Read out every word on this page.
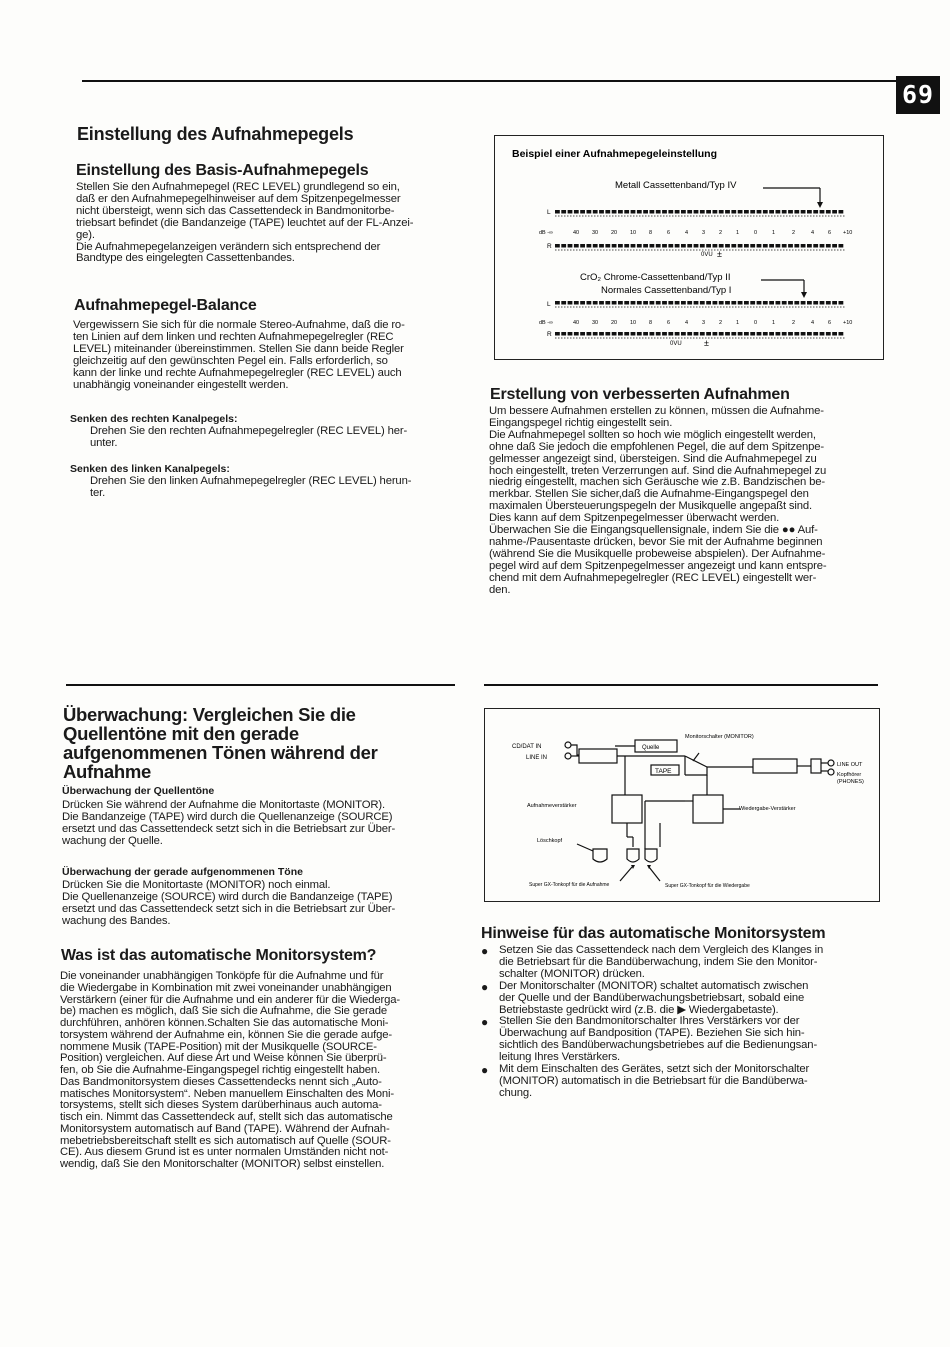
69
Einstellung des Aufnahmepegels
Einstellung des Basis-Aufnahmepegels
Stellen Sie den Aufnahmepegel (REC LEVEL) grundlegend so ein,
daß er den Aufnahmepegelhinweiser auf dem Spitzenpegelmesser
nicht übersteigt, wenn sich das Cassettendeck in Bandmonitorbe-
triebsart befindet (die Bandanzeige (TAPE) leuchtet auf der FL-Anzei-
ge).
Die Aufnahmepegelanzeigen verändern sich entsprechend der
Bandtype des eingelegten Cassettenbandes.
Aufnahmepegel-Balance
Vergewissern Sie sich für die normale Stereo-Aufnahme, daß die ro-
ten Linien auf dem linken und rechten Aufnahmepegelregler (REC
LEVEL) miteinander übereinstimmen. Stellen Sie dann beide Regler
gleichzeitig auf den gewünschten Pegel ein. Falls erforderlich, so
kann der linke und rechte Aufnahmepegelregler (REC LEVEL) auch
unabhängig voneinander eingestellt werden.
Senken des rechten Kanalpegels:
Drehen Sie den rechten Aufnahmepegelregler (REC LEVEL) her-
unter.
Senken des linken Kanalpegels:
Drehen Sie den linken Aufnahmepegelregler (REC LEVEL) herun-
ter.
Beispiel einer Aufnahmepegeleinstellung
Metall Cassettenband/Typ IV
L
dB -∞	40 30 20 10 8	6	4	3	2	1	0	1	2	4	6 +10
R
0VU ±
CrO₂ Chrome-Cassettenband/Typ II
Normales Cassettenband/Typ I
L
dB -∞	40 30 20 10 8	6	4	3	2	1	0	1	2	4	6 +10
R
0VU ±
Erstellung von verbesserten Aufnahmen
Um bessere Aufnahmen erstellen zu können, müssen die Aufnahme-
Eingangspegel richtig eingestellt sein.
Die Aufnahmepegel sollten so hoch wie möglich eingestellt werden,
ohne daß Sie jedoch die empfohlenen Pegel, die auf dem Spitzenpe-
gelmesser angezeigt sind, übersteigen. Sind die Aufnahmepegel zu
hoch eingestellt, treten Verzerrungen auf. Sind die Aufnahmepegel zu
niedrig eingestellt, machen sich Geräusche wie z.B. Bandzischen be-
merkbar. Stellen Sie sicher,daß die Aufnahme-Eingangspegel den
maximalen Übersteuerungspegeln der Musikquelle angepaßt sind.
Dies kann auf dem Spitzenpegelmesser überwacht werden.
Überwachen Sie die Eingangsquellensignale, indem Sie die ●● Auf-
nahme-/Pausentaste drücken, bevor Sie mit der Aufnahme beginnen
(während Sie die Musikquelle probeweise abspielen). Der Aufnahme-
pegel wird auf dem Spitzenpegelmesser angezeigt und kann entspre-
chend mit dem Aufnahmepegelregler (REC LEVEL) eingestellt wer-
den.
Überwachung: Vergleichen Sie die
Quellentöne mit den gerade
aufgenommenen Tönen während der
Aufnahme
Überwachung der Quellentöne
Drücken Sie während der Aufnahme die Monitortaste (MONITOR).
Die Bandanzeige (TAPE) wird durch die Quellenanzeige (SOURCE)
ersetzt und das Cassettendeck setzt sich in die Betriebsart zur Über-
wachung der Quelle.
Überwachung der gerade aufgenommenen Töne
Drücken Sie die Monitortaste (MONITOR) noch einmal.
Die Quellenanzeige (SOURCE) wird durch die Bandanzeige (TAPE)
ersetzt und das Cassettendeck setzt sich in die Betriebsart zur Über-
wachung des Bandes.
Was ist das automatische Monitorsystem?
Die voneinander unabhängigen Tonköpfe für die Aufnahme und für
die Wiedergabe in Kombination mit zwei voneinander unabhängigen
Verstärkern (einer für die Aufnahme und ein anderer für die Wiederga-
be) machen es möglich, daß Sie sich die Aufnahme, die Sie gerade
durchführen, anhören können.Schalten Sie das automatische Moni-
torsystem während der Aufnahme ein, können Sie die gerade aufge-
nommene Musik (TAPE-Position) mit der Musikquelle (SOURCE-
Position) vergleichen. Auf diese Art und Weise können Sie überprü-
fen, ob Sie die Aufnahme-Eingangspegel richtig eingestellt haben.
Das Bandmonitorsystem dieses Cassettendecks nennt sich „Auto-
matisches Monitorsystem“. Neben manuellem Einschalten des Moni-
torsystems, stellt sich dieses System darüberhinaus auch automa-
tisch ein. Nimmt das Cassettendeck auf, stellt sich das automatische
Monitorsystem automatisch auf Band (TAPE). Während der Aufnah-
mebetriebsbereitschaft stellt es sich automatisch auf Quelle (SOUR-
CE). Aus diesem Grund ist es unter normalen Umständen nicht not-
wendig, daß Sie den Monitorschalter (MONITOR) selbst einstellen.
CD/DAT IN
LINE IN
Quelle
TAPE
Monitorschalter (MONITOR)
LINE OUT
Kopfhörer
(PHONES)
Aufnahmeverstärker	Wiedergabe-Verstärker
Löschkopf
Super GX-Tonkopf für die Aufnahme	Super GX-Tonkopf für die Wiedergabe
Hinweise für das automatische Monitorsystem
● Setzen Sie das Cassettendeck nach dem Vergleich des Klanges in
die Betriebsart für die Bandüberwachung, indem Sie den Monitor-
schalter (MONITOR) drücken.
● Der Monitorschalter (MONITOR) schaltet automatisch zwischen
der Quelle und der Bandüberwachungsbetriebsart, sobald eine
Betriebstaste gedrückt wird (z.B. die ▶ Wiedergabetaste).
● Stellen Sie den Bandmonitorschalter Ihres Verstärkers vor der
Überwachung auf Bandposition (TAPE). Beziehen Sie sich hin-
sichtlich des Bandüberwachungsbetriebes auf die Bedienungsan-
leitung Ihres Verstärkers.
● Mit dem Einschalten des Gerätes, setzt sich der Monitorschalter
(MONITOR) automatisch in die Betriebsart für die Bandüberwa-
chung.
